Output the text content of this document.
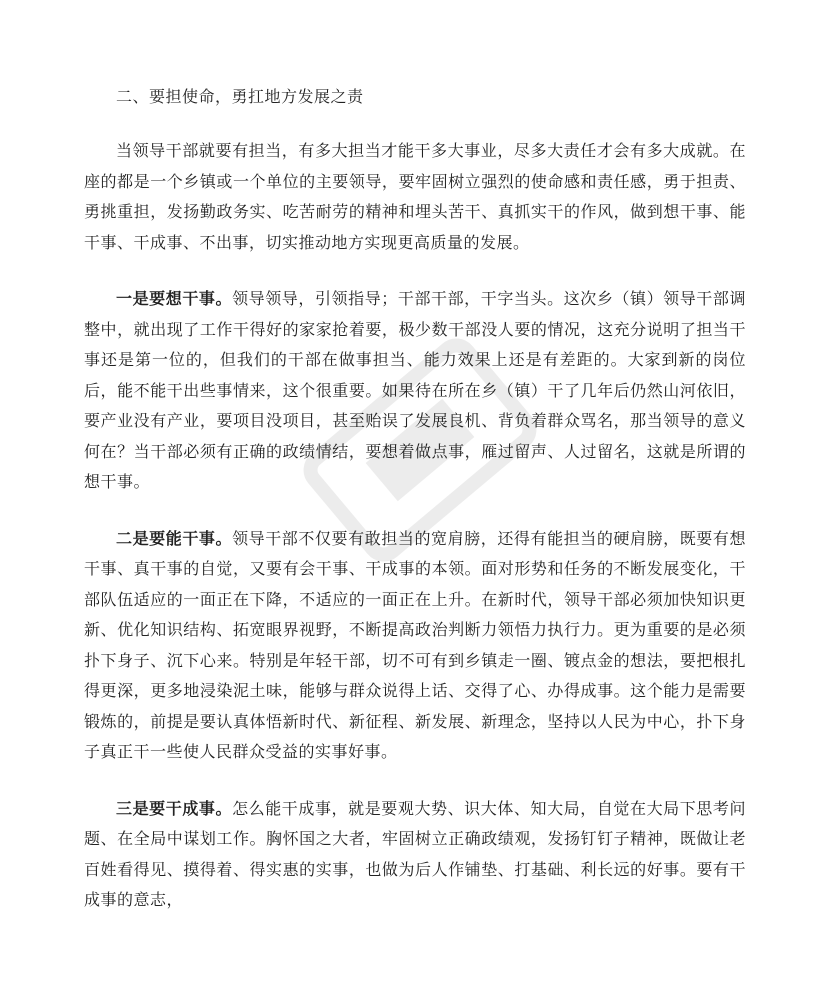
二、要担使命，勇扛地方发展之责

当领导干部就要有担当，有多大担当才能干多大事业，尽多大责任才会有多大成就。在座的都是一个乡镇或一个单位的主要领导，要牢固树立强烈的使命感和责任感，勇于担责、勇挑重担，发扬勤政务实、吃苦耐劳的精神和埋头苦干、真抓实干的作风，做到想干事、能干事、干成事、不出事，切实推动地方实现更高质量的发展。

一是要想干事。领导领导，引领指导；干部干部，干字当头。这次乡（镇）领导干部调整中，就出现了工作干得好的家家抢着要，极少数干部没人要的情况，这充分说明了担当干事还是第一位的，但我们的干部在做事担当、能力效果上还是有差距的。大家到新的岗位后，能不能干出些事情来，这个很重要。如果待在所在乡（镇）干了几年后仍然山河依旧，要产业没有产业，要项目没项目，甚至贻误了发展良机、背负着群众骂名，那当领导的意义何在？当干部必须有正确的政绩情结，要想着做点事，雁过留声、人过留名，这就是所谓的想干事。

二是要能干事。领导干部不仅要有敢担当的宽肩膀，还得有能担当的硬肩膀，既要有想干事、真干事的自觉，又要有会干事、干成事的本领。面对形势和任务的不断发展变化，干部队伍适应的一面正在下降，不适应的一面正在上升。在新时代，领导干部必须加快知识更新、优化知识结构、拓宽眼界视野，不断提高政治判断力领悟力执行力。更为重要的是必须扑下身子、沉下心来。特别是年轻干部，切不可有到乡镇走一圈、镀点金的想法，要把根扎得更深，更多地浸染泥土味，能够与群众说得上话、交得了心、办得成事。这个能力是需要锻炼的，前提是要认真体悟新时代、新征程、新发展、新理念，坚持以人民为中心，扑下身子真正干一些使人民群众受益的实事好事。

三是要干成事。怎么能干成事，就是要观大势、识大体、知大局，自觉在大局下思考问题、在全局中谋划工作。胸怀国之大者，牢固树立正确政绩观，发扬钉钉子精神，既做让老百姓看得见、摸得着、得实惠的实事，也做为后人作铺垫、打基础、利长远的好事。要有干成事的意志，
